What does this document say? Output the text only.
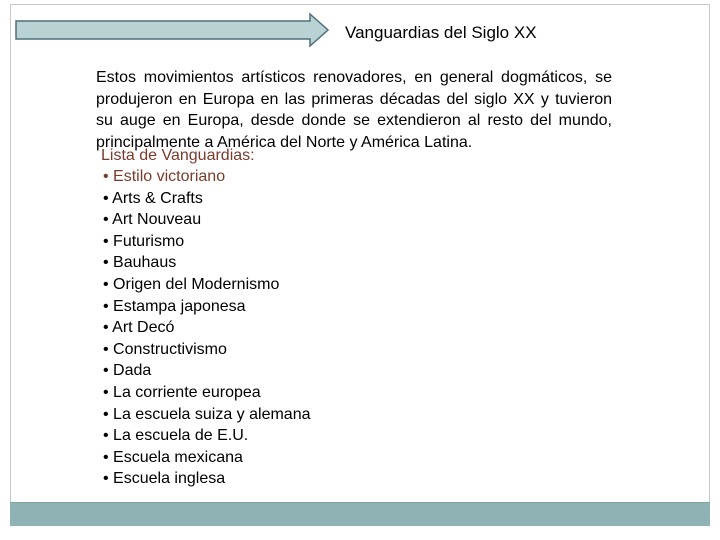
Vanguardias del Siglo XX

Estos movimientos artísticos renovadores, en general dogmáticos, se produjeron en Europa en las primeras décadas del siglo XX y tuvieron su auge en Europa, desde donde se extendieron al resto del mundo, principalmente a América del Norte y América Latina.

Lista de Vanguardias:
• Estilo victoriano
• Arts & Crafts
• Art Nouveau
• Futurismo
• Bauhaus
• Origen del Modernismo
• Estampa japonesa
• Art Decó
• Constructivismo
• Dada
• La corriente europea
• La escuela suiza y alemana
• La escuela de E.U.
• Escuela mexicana
• Escuela inglesa
